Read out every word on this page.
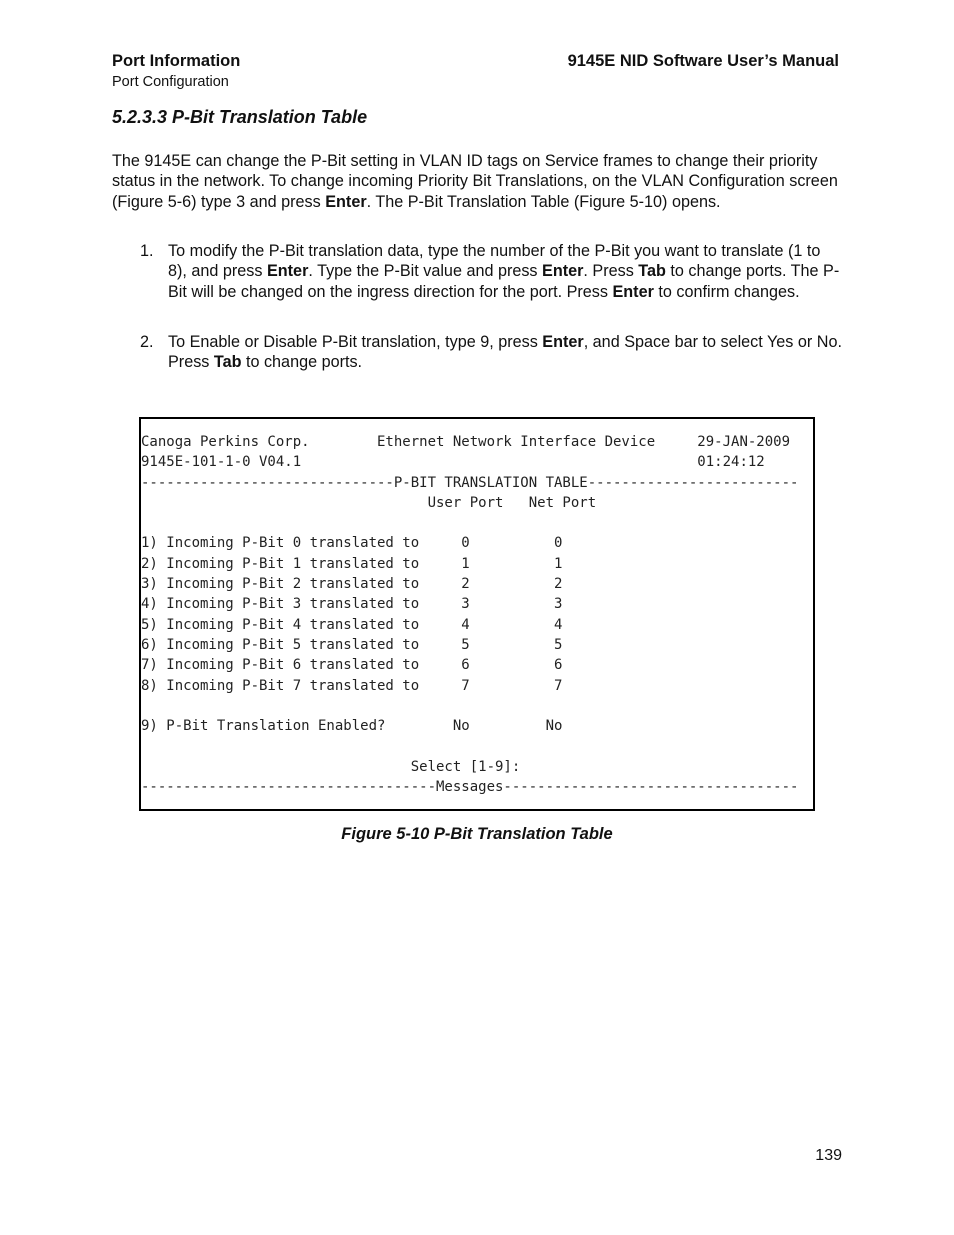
Port Information
Port Configuration
9145E NID Software User’s Manual
5.2.3.3 P-Bit Translation Table
The 9145E can change the P-Bit setting in VLAN ID tags on Service frames to change their priority status in the network. To change incoming Priority Bit Translations, on the VLAN Configuration screen (Figure 5-6) type 3 and press Enter. The P-Bit Translation Table (Figure 5-10) opens.
1. To modify the P-Bit translation data, type the number of the P-Bit you want to translate (1 to 8), and press Enter. Type the P-Bit value and press Enter. Press Tab to change ports. The P-Bit will be changed on the ingress direction for the port. Press Enter to confirm changes.
2. To Enable or Disable P-Bit translation, type 9, press Enter, and Space bar to select Yes or No. Press Tab to change ports.
Canoga Perkins Corp.        Ethernet Network Interface Device     29-JAN-2009
9145E-101-1-0 V04.1                                               01:24:12
------------------------------P-BIT TRANSLATION TABLE-------------------------
User Port   Net Port
1) Incoming P-Bit 0 translated to     0          0
2) Incoming P-Bit 1 translated to     1          1
3) Incoming P-Bit 2 translated to     2          2
4) Incoming P-Bit 3 translated to     3          3
5) Incoming P-Bit 4 translated to     4          4
6) Incoming P-Bit 5 translated to     5          5
7) Incoming P-Bit 6 translated to     6          6
8) Incoming P-Bit 7 translated to     7          7
9) P-Bit Translation Enabled?        No         No
Select [1-9]:
-----------------------------------Messages-----------------------------------
Figure 5-10 P-Bit Translation Table
139
